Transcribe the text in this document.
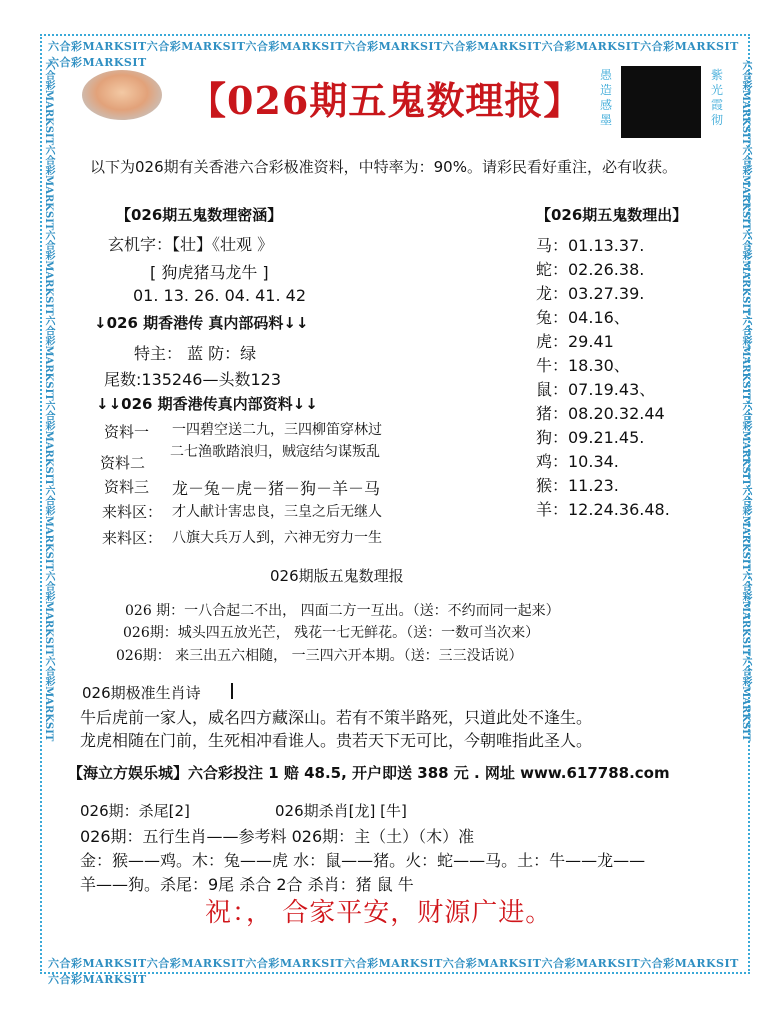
六合彩MARKSIT六合彩MARKSIT六合彩MARKSIT六合彩MARKSIT六合彩MARKSIT六合彩MARKSIT六合彩MARKSIT六合彩MARKSIT
六合彩MARKSIT六合彩MARKSIT六合彩MARKSIT六合彩MARKSIT六合彩MARKSIT六合彩MARKSIT六合彩MARKSIT六合彩MARKSIT
六合彩MARKSIT六合彩MARKSIT六合彩MARKSIT六合彩MARKSIT六合彩MARKSIT六合彩MARKSIT六合彩MARKSIT六合彩MARKSIT	六合彩MARKSIT六合彩MARKSIT六合彩MARKSIT六合彩MARKSIT六合彩MARKSIT六合彩MARKSIT六合彩MARKSIT六合彩MARKSIT
【026期五鬼数理报】
愚造感墨
紫光霞彻
以下为026期有关香港六合彩极准资料，中特率为：90%。请彩民看好重注，必有收获。
【026期五鬼数理密涵】
玄机字：【壮】《壮观 》
[ 狗虎猪马龙牛 ]
01. 13. 26. 04. 41. 42
↓026 期香港传 真内部码料↓↓
特主： 蓝 防：绿
尾数:135246—头数123
↓↓026 期香港传真内部资料↓↓
资料一 一四碧空送二九，三四柳笛穿林过
资料二
二七渔歌踏浪归，贼寇结匀谋叛乱
资料三 龙－兔－虎－猪－狗－羊－马
来料区： 才人献计害忠良，三皇之后无继人
来料区： 八旗大兵万人到，六神无穷力一生
【026期五鬼数理出】
马：01.13.37.
蛇：02.26.38.
龙：03.27.39.
兔：04.16、
虎：29.41
牛：18.30、
鼠：07.19.43、
猪：08.20.32.44
狗：09.21.45.
鸡：10.34.
猴：11.23.
羊：12.24.36.48.
026期版五鬼数理报
026 期：一八合起二不出， 四面二方一互出。（送：不约而同一起来）
026期：城头四五放光芒， 残花一七无鲜花。（送：一数可当次来）
026期： 来三出五六相随， 一三四六开本期。（送：三三没话说）
026期极准生肖诗
牛后虎前一家人，威名四方藏深山。若有不策半路死，只道此处不逢生。
龙虎相随在门前，生死相冲看谁人。贵若天下无可比，今朝唯指此圣人。
【海立方娱乐城】六合彩投注 1 赔 48.5, 开户即送 388 元 . 网址 www.617788.com
026期：杀尾[2]	026期杀肖[龙] [牛]
026期：五行生肖——参考料 026期：主（土）（木）准
金：猴——鸡。木：兔——虎 水：鼠——猪。火：蛇——马。土：牛——龙——
羊——狗。杀尾：9尾 杀合 2合 杀肖：猪 鼠 牛
祝：， 合家平安，财源广进。
